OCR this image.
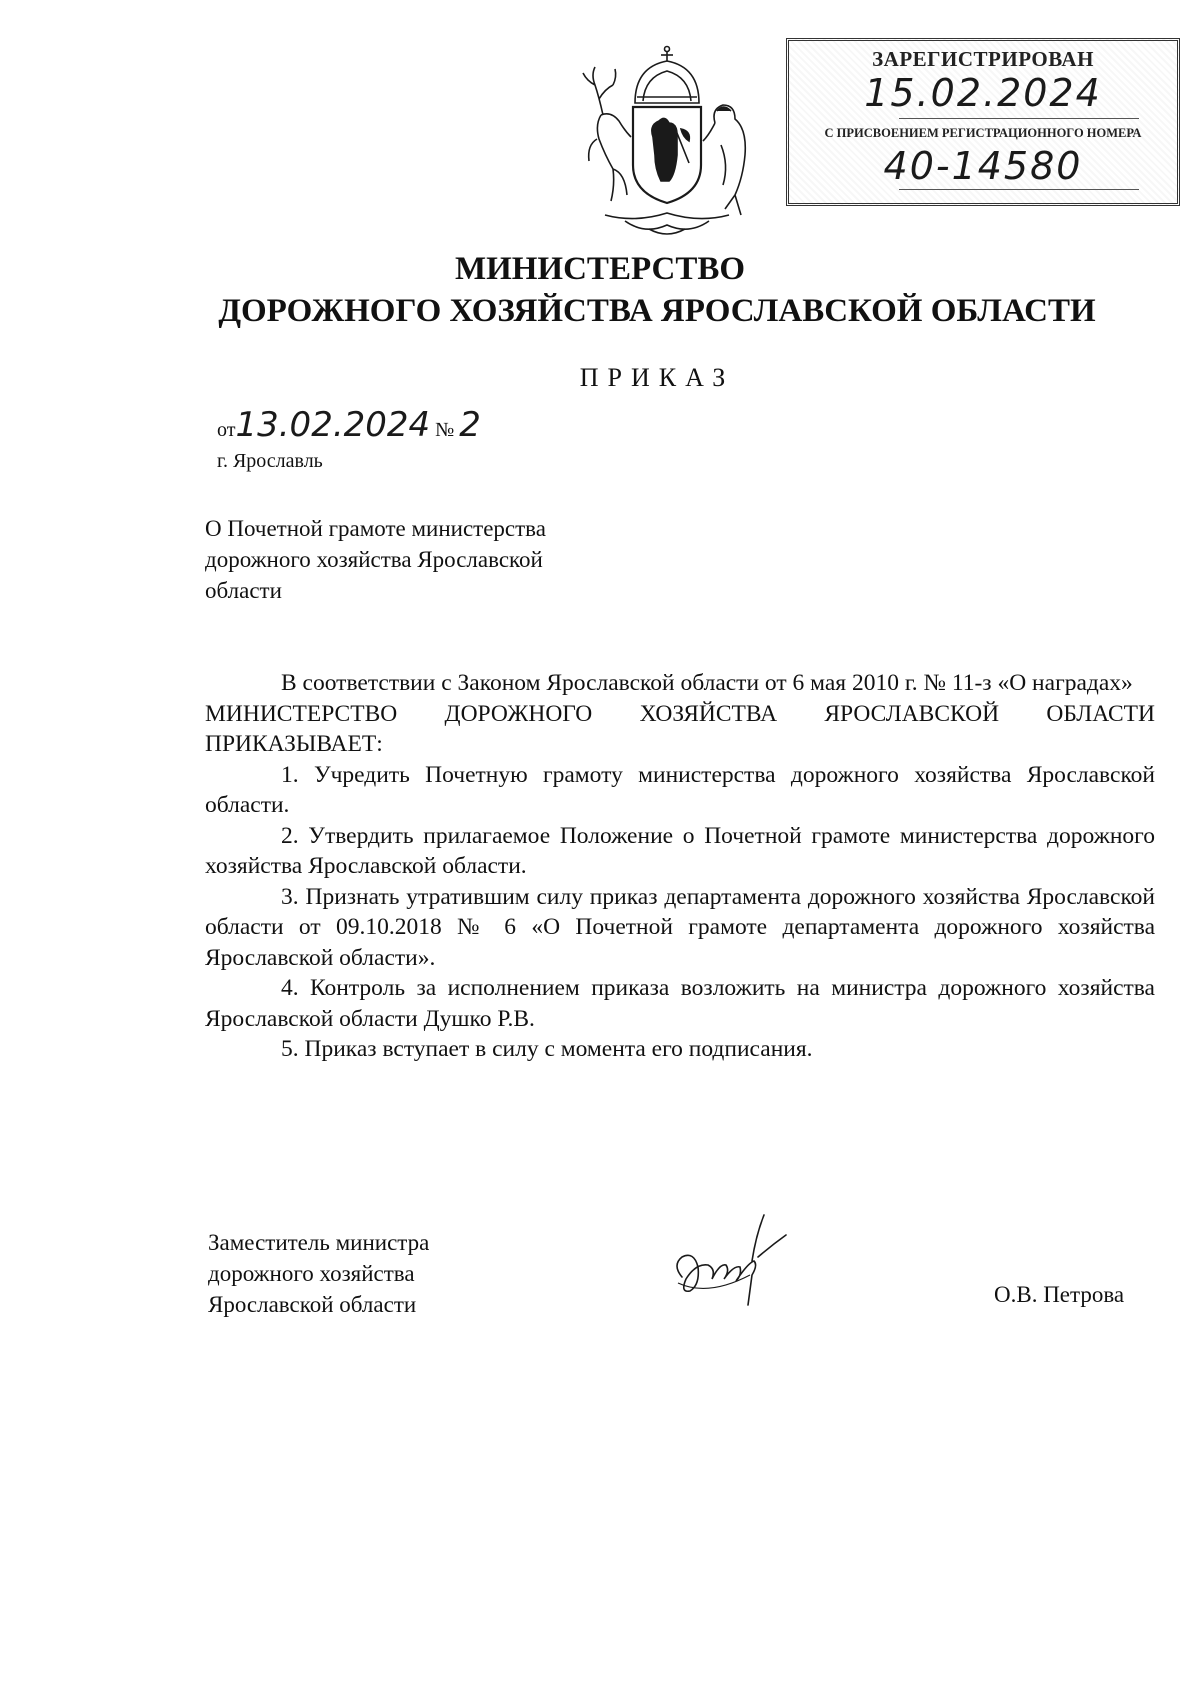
ЗАРЕГИСТРИРОВАН
15.02.2024
С ПРИСВОЕНИЕМ РЕГИСТРАЦИОННОГО НОМЕРА
40-14580
МИНИСТЕРСТВО
ДОРОЖНОГО ХОЗЯЙСТВА ЯРОСЛАВСКОЙ ОБЛАСТИ
ПРИКАЗ
от13.02.2024 № 2
г. Ярославль
О Почетной грамоте министерства
дорожного хозяйства Ярославской
области

В соответствии с Законом Ярославской области от 6 мая 2010 г. № 11-з «О наградах»

МИНИСТЕРСТВО ДОРОЖНОГО ХОЗЯЙСТВА ЯРОСЛАВСКОЙ ОБЛАСТИ ПРИКАЗЫВАЕТ:

1. Учредить Почетную грамоту министерства дорожного хозяйства Ярославской области.

2. Утвердить прилагаемое Положение о Почетной грамоте министерства дорожного хозяйства Ярославской области.

3. Признать утратившим силу приказ департамента дорожного хозяйства Ярославской области от 09.10.2018 № 6 «О Почетной грамоте департамента дорожного хозяйства Ярославской области».

4. Контроль за исполнением приказа возложить на министра дорожного хозяйства Ярославской области Душко Р.В.

5. Приказ вступает в силу с момента его подписания.

Заместитель министра
дорожного хозяйства
Ярославской области	О.В. Петрова
